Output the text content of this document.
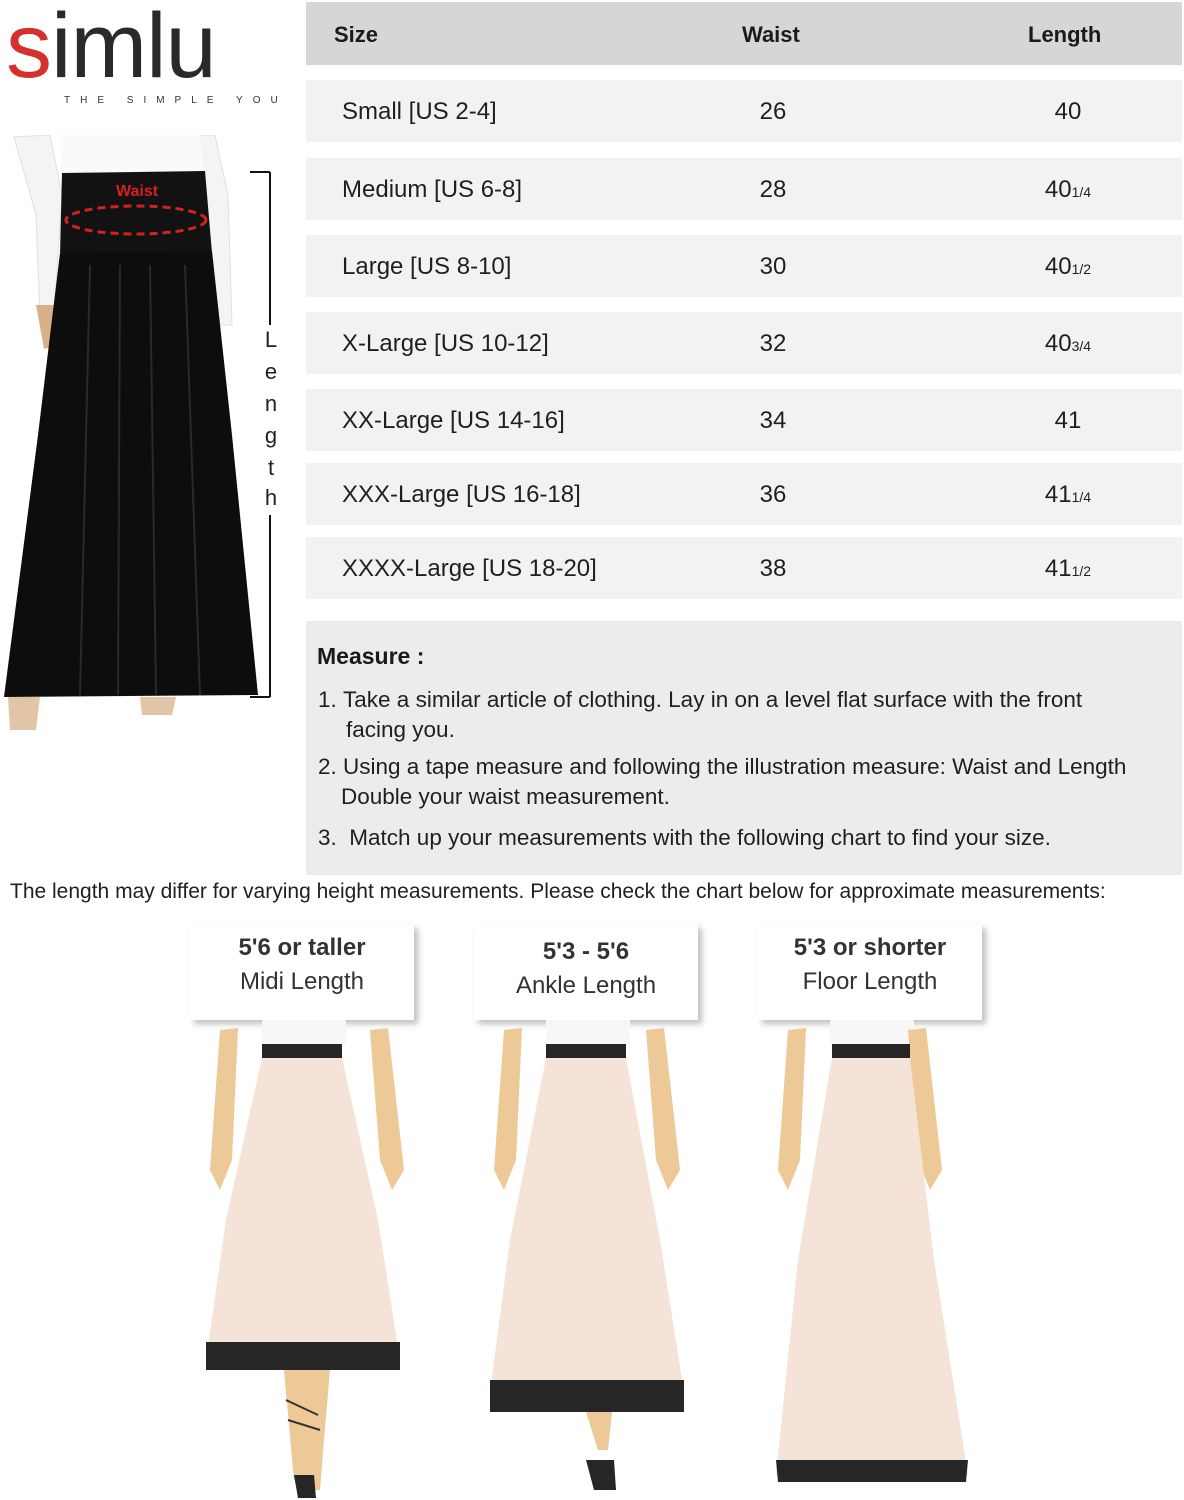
simlu
THE SIMPLE YOU
Waist
L
e
n
g
t
h
Size	Waist	Length
Small [US 2-4]	26	40
Medium [US 6-8]	28	401/4
Large [US 8-10]	30	401/2
X-Large [US 10-12]	32	403/4
XX-Large [US 14-16]	34	41
XXX-Large [US 16-18]	36	411/4
XXXX-Large [US 18-20]	38	411/2
Measure :
1. Take a similar article of clothing. Lay in on a level flat surface with the front
facing you.
2. Using a tape measure and following the illustration measure: Waist and Length
Double your waist measurement.
3. Match up your measurements with the following chart to find your size.
The length may differ for varying height measurements. Please check the chart below for approximate measurements:
5'6 or taller
Midi Length
5'3 - 5'6
Ankle Length
5'3 or shorter
Floor Length
